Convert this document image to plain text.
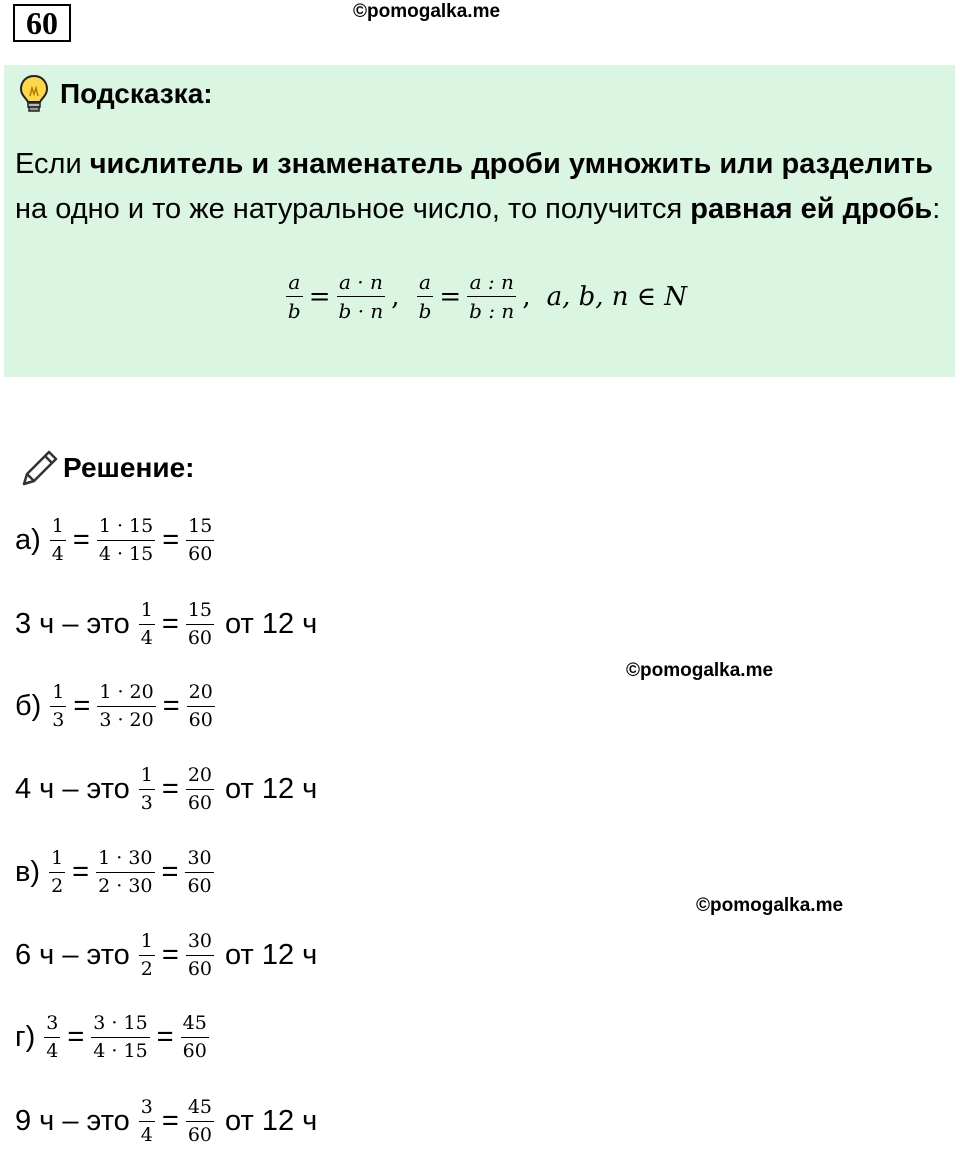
60	©pomogalka.me
Подсказка:
Если числитель и знаменатель дроби умножить или разделить на одно и то же натуральное число, то получится равная ей дробь:
$\frac{a}{b} = \frac{a \cdot n}{b \cdot n}$ , $\frac{a}{b} = \frac{a : n}{b : n}$ , a, b, n ∈ N
Решение:
$а) \frac{1}{4} = \frac{1 \cdot 15}{4 \cdot 15} = \frac{15}{60}$
3 ч – это $\frac{1}{4} = \frac{15}{60}$ от 12 ч
$б) \frac{1}{3} = \frac{1 \cdot 20}{3 \cdot 20} = \frac{20}{60}$
4 ч – это $\frac{1}{3} = \frac{20}{60}$ от 12 ч
$в) \frac{1}{2} = \frac{1 \cdot 30}{2 \cdot 30} = \frac{30}{60}$
6 ч – это $\frac{1}{2} = \frac{30}{60}$ от 12 ч
$г) \frac{3}{4} = \frac{3 \cdot 15}{4 \cdot 15} = \frac{45}{60}$
9 ч – это $\frac{3}{4} = \frac{45}{60}$ от 12 ч
©pomogalka.me
©pomogalka.me
